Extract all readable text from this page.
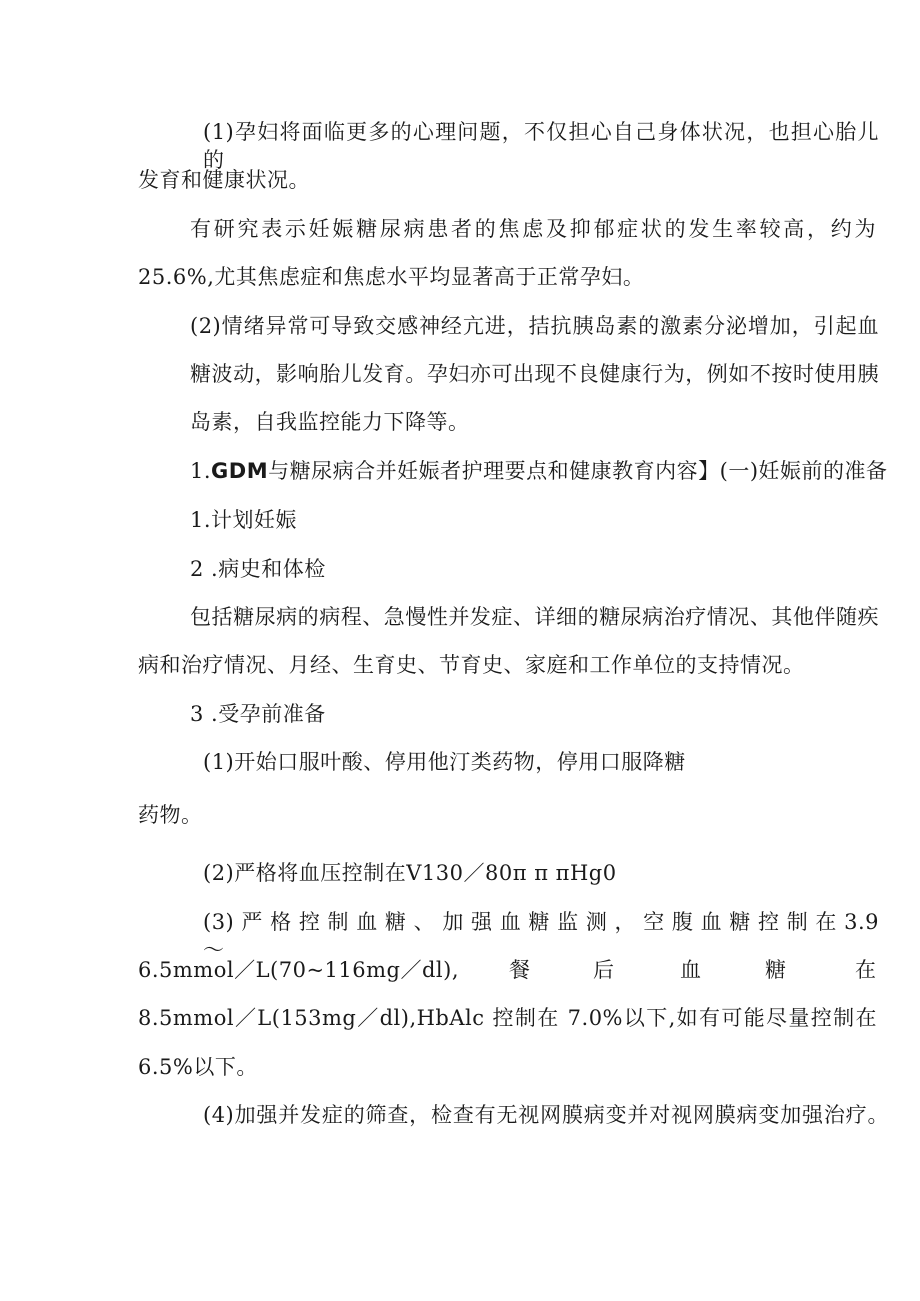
(1)孕妇将面临更多的心理问题，不仅担心自己身体状况，也担心胎儿的
发育和健康状况。
有研究表示妊娠糖尿病患者的焦虑及抑郁症状的发生率较高，约为
25.6%,尤其焦虑症和焦虑水平均显著高于正常孕妇。
(2)情绪异常可导致交感神经亢进，拮抗胰岛素的激素分泌增加，引起血
糖波动，影响胎儿发育。孕妇亦可出现不良健康行为，例如不按时使用胰
岛素，自我监控能力下降等。
1.GDM与糖尿病合并妊娠者护理要点和健康教育内容】(一)妊娠前的准备
1.计划妊娠
2 .病史和体检
包括糖尿病的病程、急慢性并发症、详细的糖尿病治疗情况、其他伴随疾
病和治疗情况、月经、生育史、节育史、家庭和工作单位的支持情况。
3 .受孕前准备
(1)开始口服叶酸、停用他汀类药物，停用口服降糖
药物。
(2)严格将血压控制在V130／80π π πHg0
(3) 严 格 控 制 血 糖 、 加 强 血 糖 监 测 ， 空 腹 血 糖 控 制 在 3.9～
6.5mmol／L(70~116mg／dl), 餐	后	血	糖	在
8.5mmol／L(153mg／dl),HbAlc 控制在 7.0%以下,如有可能尽量控制在
6.5%以下。
(4)加强并发症的筛查，检查有无视网膜病变并对视网膜病变加强治疗。
